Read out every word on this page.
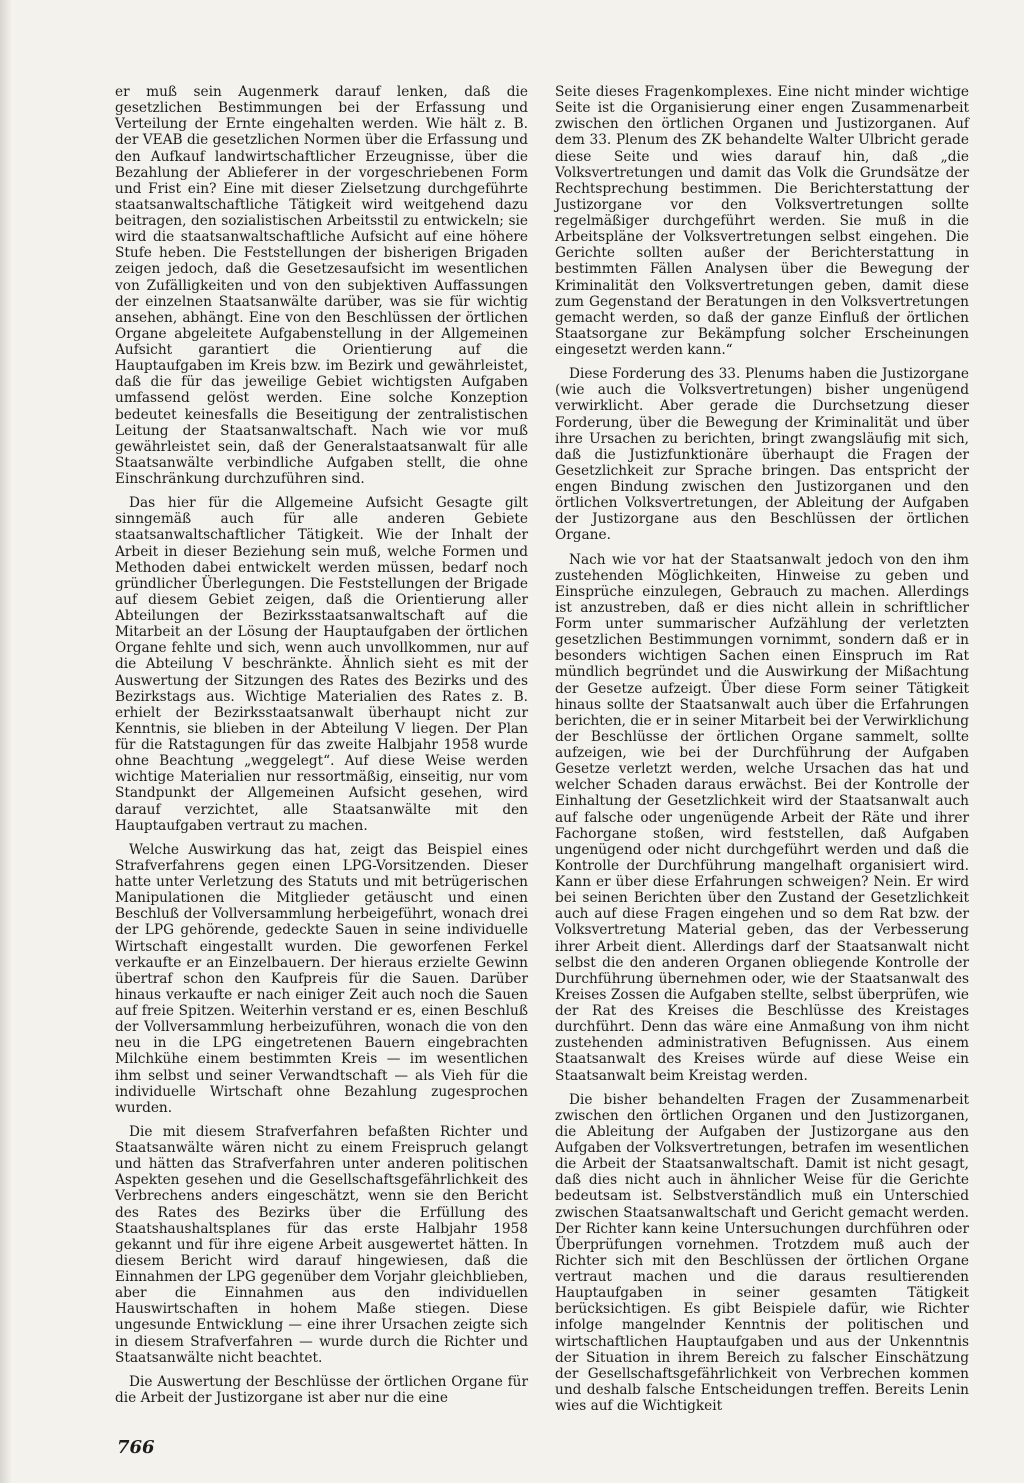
er muß sein Augenmerk darauf lenken, daß die gesetzlichen Bestimmungen bei der Erfassung und Verteilung der Ernte eingehalten werden. Wie hält z. B. der VEAB die gesetzlichen Normen über die Erfassung und den Aufkauf landwirtschaftlicher Erzeugnisse, über die Bezahlung der Ablieferer in der vorgeschriebenen Form und Frist ein? Eine mit dieser Zielsetzung durchgeführte staatsanwaltschaftliche Tätigkeit wird weitgehend dazu beitragen, den sozialistischen Arbeitsstil zu entwickeln; sie wird die staatsanwaltschaftliche Aufsicht auf eine höhere Stufe heben. Die Feststellungen der bisherigen Brigaden zeigen jedoch, daß die Gesetzesaufsicht im wesentlichen von Zufälligkeiten und von den subjektiven Auffassungen der einzelnen Staatsanwälte darüber, was sie für wichtig ansehen, abhängt. Eine von den Beschlüssen der örtlichen Organe abgeleitete Aufgabenstellung in der Allgemeinen Aufsicht garantiert die Orientierung auf die Hauptaufgaben im Kreis bzw. im Bezirk und gewährleistet, daß die für das jeweilige Gebiet wichtigsten Aufgaben umfassend gelöst werden. Eine solche Konzeption bedeutet keinesfalls die Beseitigung der zentralistischen Leitung der Staatsanwaltschaft. Nach wie vor muß gewährleistet sein, daß der Generalstaatsanwalt für alle Staatsanwälte verbindliche Aufgaben stellt, die ohne Einschränkung durchzuführen sind.

Das hier für die Allgemeine Aufsicht Gesagte gilt sinngemäß auch für alle anderen Gebiete staatsanwaltschaftlicher Tätigkeit. Wie der Inhalt der Arbeit in dieser Beziehung sein muß, welche Formen und Methoden dabei entwickelt werden müssen, bedarf noch gründlicher Überlegungen. Die Feststellungen der Brigade auf diesem Gebiet zeigen, daß die Orientierung aller Abteilungen der Bezirksstaatsanwaltschaft auf die Mitarbeit an der Lösung der Hauptaufgaben der örtlichen Organe fehlte und sich, wenn auch unvollkommen, nur auf die Abteilung V beschränkte. Ähnlich sieht es mit der Auswertung der Sitzungen des Rates des Bezirks und des Bezirkstags aus. Wichtige Materialien des Rates z. B. erhielt der Bezirksstaatsanwalt überhaupt nicht zur Kenntnis, sie blieben in der Abteilung V liegen. Der Plan für die Ratstagungen für das zweite Halbjahr 1958 wurde ohne Beachtung „weggelegt“. Auf diese Weise werden wichtige Materialien nur ressortmäßig, einseitig, nur vom Standpunkt der Allgemeinen Aufsicht gesehen, wird darauf verzichtet, alle Staatsanwälte mit den Hauptaufgaben vertraut zu machen.

Welche Auswirkung das hat, zeigt das Beispiel eines Strafverfahrens gegen einen LPG-Vorsitzenden. Dieser hatte unter Verletzung des Statuts und mit betrügerischen Manipulationen die Mitglieder getäuscht und einen Beschluß der Vollversammlung herbeigeführt, wonach drei der LPG gehörende, gedeckte Sauen in seine individuelle Wirtschaft eingestallt wurden. Die geworfenen Ferkel verkaufte er an Einzelbauern. Der hieraus erzielte Gewinn übertraf schon den Kaufpreis für die Sauen. Darüber hinaus verkaufte er nach einiger Zeit auch noch die Sauen auf freie Spitzen. Weiterhin verstand er es, einen Beschluß der Vollversammlung herbeizuführen, wonach die von den neu in die LPG eingetretenen Bauern eingebrachten Milchkühe einem bestimmten Kreis — im wesentlichen ihm selbst und seiner Verwandtschaft — als Vieh für die individuelle Wirtschaft ohne Bezahlung zugesprochen wurden.

Die mit diesem Strafverfahren befaßten Richter und Staatsanwälte wären nicht zu einem Freispruch gelangt und hätten das Strafverfahren unter anderen politischen Aspekten gesehen und die Gesellschaftsgefährlichkeit des Verbrechens anders eingeschätzt, wenn sie den Bericht des Rates des Bezirks über die Erfüllung des Staatshaushaltsplanes für das erste Halbjahr 1958 gekannt und für ihre eigene Arbeit ausgewertet hätten. In diesem Bericht wird darauf hingewiesen, daß die Einnahmen der LPG gegenüber dem Vorjahr gleichblieben, aber die Einnahmen aus den individuellen Hauswirtschaften in hohem Maße stiegen. Diese ungesunde Entwicklung — eine ihrer Ursachen zeigte sich in diesem Strafverfahren — wurde durch die Richter und Staatsanwälte nicht beachtet.

Die Auswertung der Beschlüsse der örtlichen Organe für die Arbeit der Justizorgane ist aber nur die eine

Seite dieses Fragenkomplexes. Eine nicht minder wichtige Seite ist die Organisierung einer engen Zusammenarbeit zwischen den örtlichen Organen und Justizorganen. Auf dem 33. Plenum des ZK behandelte Walter Ulbricht gerade diese Seite und wies darauf hin, daß „die Volksvertretungen und damit das Volk die Grundsätze der Rechtsprechung bestimmen. Die Berichterstattung der Justizorgane vor den Volksvertretungen sollte regelmäßiger durchgeführt werden. Sie muß in die Arbeitspläne der Volksvertretungen selbst eingehen. Die Gerichte sollten außer der Berichterstattung in bestimmten Fällen Analysen über die Bewegung der Kriminalität den Volksvertretungen geben, damit diese zum Gegenstand der Beratungen in den Volksvertretungen gemacht werden, so daß der ganze Einfluß der örtlichen Staatsorgane zur Bekämpfung solcher Erscheinungen eingesetzt werden kann.“

Diese Forderung des 33. Plenums haben die Justizorgane (wie auch die Volksvertretungen) bisher ungenügend verwirklicht. Aber gerade die Durchsetzung dieser Forderung, über die Bewegung der Kriminalität und über ihre Ursachen zu berichten, bringt zwangsläufig mit sich, daß die Justizfunktionäre überhaupt die Fragen der Gesetzlichkeit zur Sprache bringen. Das entspricht der engen Bindung zwischen den Justizorganen und den örtlichen Volksvertretungen, der Ableitung der Aufgaben der Justizorgane aus den Beschlüssen der örtlichen Organe.

Nach wie vor hat der Staatsanwalt jedoch von den ihm zustehenden Möglichkeiten, Hinweise zu geben und Einsprüche einzulegen, Gebrauch zu machen. Allerdings ist anzustreben, daß er dies nicht allein in schriftlicher Form unter summarischer Aufzählung der verletzten gesetzlichen Bestimmungen vornimmt, sondern daß er in besonders wichtigen Sachen einen Einspruch im Rat mündlich begründet und die Auswirkung der Mißachtung der Gesetze aufzeigt. Über diese Form seiner Tätigkeit hinaus sollte der Staatsanwalt auch über die Erfahrungen berichten, die er in seiner Mitarbeit bei der Verwirklichung der Beschlüsse der örtlichen Organe sammelt, sollte aufzeigen, wie bei der Durchführung der Aufgaben Gesetze verletzt werden, welche Ursachen das hat und welcher Schaden daraus erwächst. Bei der Kontrolle der Einhaltung der Gesetzlichkeit wird der Staatsanwalt auch auf falsche oder ungenügende Arbeit der Räte und ihrer Fachorgane stoßen, wird feststellen, daß Aufgaben ungenügend oder nicht durchgeführt werden und daß die Kontrolle der Durchführung mangelhaft organisiert wird. Kann er über diese Erfahrungen schweigen? Nein. Er wird bei seinen Berichten über den Zustand der Gesetzlichkeit auch auf diese Fragen eingehen und so dem Rat bzw. der Volksvertretung Material geben, das der Verbesserung ihrer Arbeit dient. Allerdings darf der Staatsanwalt nicht selbst die den anderen Organen obliegende Kontrolle der Durchführung übernehmen oder, wie der Staatsanwalt des Kreises Zossen die Aufgaben stellte, selbst überprüfen, wie der Rat des Kreises die Beschlüsse des Kreistages durchführt. Denn das wäre eine Anmaßung von ihm nicht zustehenden administrativen Befugnissen. Aus einem Staatsanwalt des Kreises würde auf diese Weise ein Staatsanwalt beim Kreistag werden.

Die bisher behandelten Fragen der Zusammenarbeit zwischen den örtlichen Organen und den Justizorganen, die Ableitung der Aufgaben der Justizorgane aus den Aufgaben der Volksvertretungen, betrafen im wesentlichen die Arbeit der Staatsanwaltschaft. Damit ist nicht gesagt, daß dies nicht auch in ähnlicher Weise für die Gerichte bedeutsam ist. Selbstverständlich muß ein Unterschied zwischen Staatsanwaltschaft und Gericht gemacht werden. Der Richter kann keine Untersuchungen durchführen oder Überprüfungen vornehmen. Trotzdem muß auch der Richter sich mit den Beschlüssen der örtlichen Organe vertraut machen und die daraus resultierenden Hauptaufgaben in seiner gesamten Tätigkeit berücksichtigen. Es gibt Beispiele dafür, wie Richter infolge mangelnder Kenntnis der politischen und wirtschaftlichen Hauptaufgaben und aus der Unkenntnis der Situation in ihrem Bereich zu falscher Einschätzung der Gesellschaftsgefährlichkeit von Verbrechen kommen und deshalb falsche Entscheidungen treffen. Bereits Lenin wies auf die Wichtigkeit

766
